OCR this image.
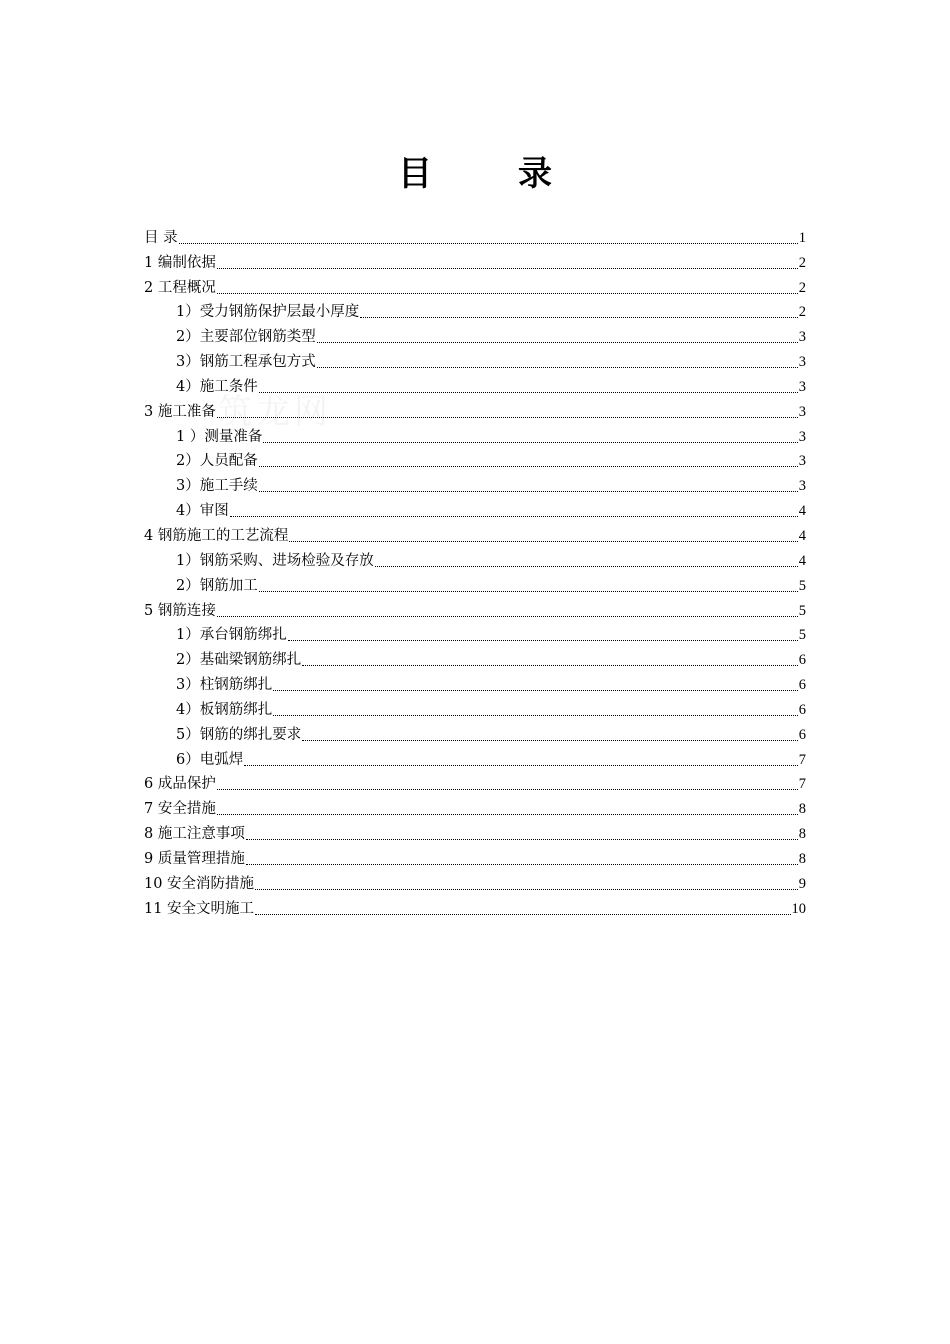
目　录
目 录	1
1 编制依据	2
2 工程概况	2
1）受力钢筋保护层最小厚度	2
2）主要部位钢筋类型	3
3）钢筋工程承包方式	3
4）施工条件	3
3 施工准备	3
1 ）测量准备	3
2）人员配备	3
3）施工手续	3
4）审图	4
4 钢筋施工的工艺流程	4
1）钢筋采购、进场检验及存放	4
2）钢筋加工	5
5 钢筋连接	5
1）承台钢筋绑扎	5
2）基础梁钢筋绑扎	6
3）柱钢筋绑扎	6
4）板钢筋绑扎	6
5）钢筋的绑扎要求	6
6）电弧焊	7
6 成品保护	7
7 安全措施	8
8 施工注意事项	8
9 质量管理措施	8
10 安全消防措施	9
11 安全文明施工	10
